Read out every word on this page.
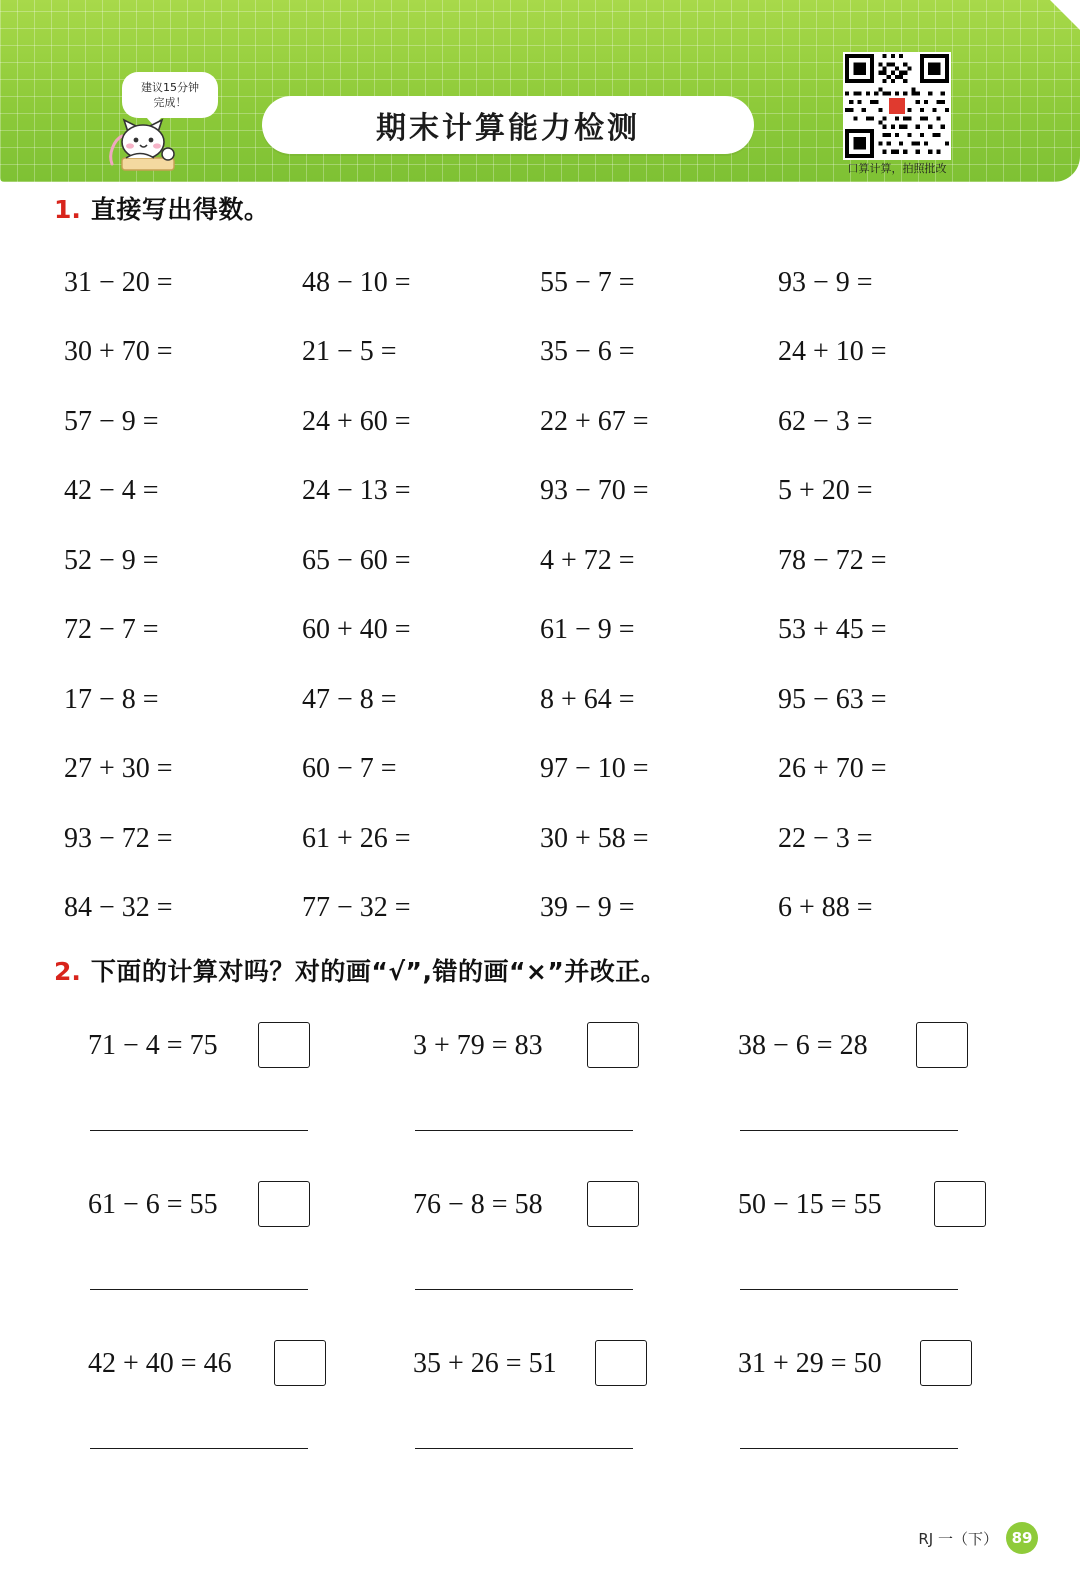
建议15分钟
完成！
期末计算能力检测
口算计算，拍照批改
1. 直接写出得数。
31 − 20 =	48 − 10 =	55 − 7 =	93 − 9 =
30 + 70 =	21 − 5 =	35 − 6 =	24 + 10 =
57 − 9 =	24 + 60 =	22 + 67 =	62 − 3 =
42 − 4 =	24 − 13 =	93 − 70 =	5 + 20 =
52 − 9 =	65 − 60 =	4 + 72 =	78 − 72 =
72 − 7 =	60 + 40 =	61 − 9 =	53 + 45 =
17 − 8 =	47 − 8 =	8 + 64 =	95 − 63 =
27 + 30 =	60 − 7 =	97 − 10 =	26 + 70 =
93 − 72 =	61 + 26 =	30 + 58 =	22 − 3 =
84 − 32 =	77 − 32 =	39 − 9 =	6 + 88 =
2. 下面的计算对吗？对的画“√”,错的画“×”并改正。
71 − 4 = 75	3 + 79 = 83	38 − 6 = 28
61 − 6 = 55	76 − 8 = 58	50 − 15 = 55
42 + 40 = 46	35 + 26 = 51	31 + 29 = 50
RJ 一（下） 89
